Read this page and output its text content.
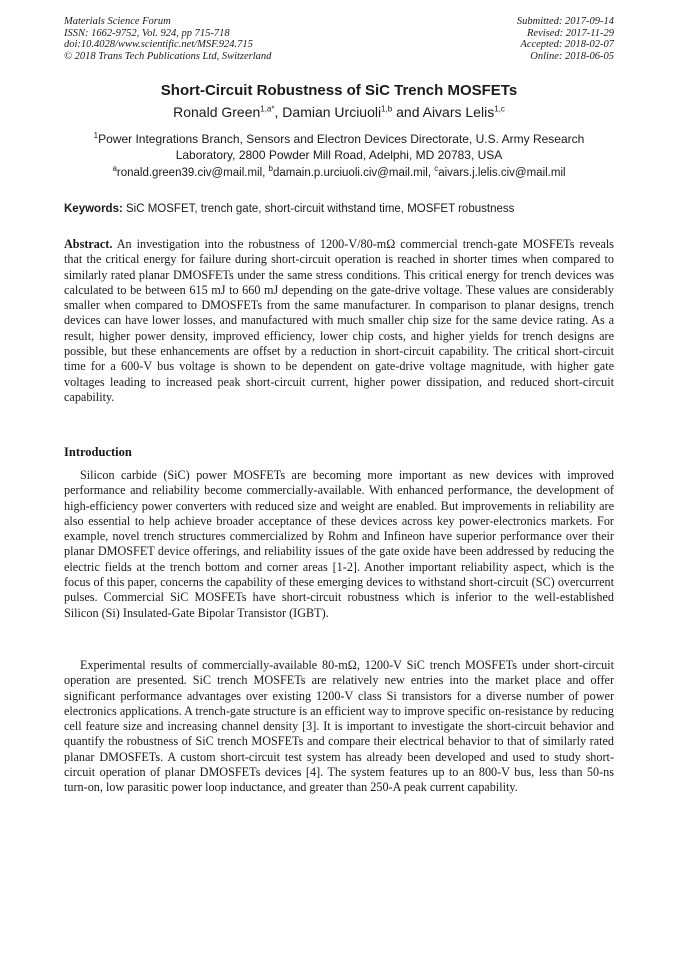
Materials Science Forum
ISSN: 1662-9752, Vol. 924, pp 715-718
doi:10.4028/www.scientific.net/MSF.924.715
© 2018 Trans Tech Publications Ltd, Switzerland
Submitted: 2017-09-14
Revised: 2017-11-29
Accepted: 2018-02-07
Online: 2018-06-05
Short-Circuit Robustness of SiC Trench MOSFETs
Ronald Green$^{1,a*}$, Damian Urciuoli$^{1,b}$ and Aivars Lelis$^{1,c}$
$^1$Power Integrations Branch, Sensors and Electron Devices Directorate, U.S. Army Research Laboratory, 2800 Powder Mill Road, Adelphi, MD 20783, USA
$^a$ronald.green39.civ@mail.mil, $^b$damain.p.urciuoli.civ@mail.mil, $^c$aivars.j.lelis.civ@mail.mil
Keywords: SiC MOSFET, trench gate, short-circuit withstand time, MOSFET robustness
Abstract. An investigation into the robustness of 1200-V/80-mΩ commercial trench-gate MOSFETs reveals that the critical energy for failure during short-circuit operation is reached in shorter times when compared to similarly rated planar DMOSFETs under the same stress conditions. This critical energy for trench devices was calculated to be between 615 mJ to 660 mJ depending on the gate-drive voltage. These values are considerably smaller when compared to DMOSFETs from the same manufacturer. In comparison to planar designs, trench devices can have lower losses, and manufactured with much smaller chip size for the same device rating. As a result, higher power density, improved efficiency, lower chip costs, and higher yields for trench designs are possible, but these enhancements are offset by a reduction in short-circuit capability. The critical short-circuit time for a 600-V bus voltage is shown to be dependent on gate-drive voltage magnitude, with higher gate voltages leading to increased peak short-circuit current, higher power dissipation, and reduced short-circuit capability.
Introduction
Silicon carbide (SiC) power MOSFETs are becoming more important as new devices with improved performance and reliability become commercially-available. With enhanced performance, the development of high-efficiency power converters with reduced size and weight are enabled. But improvements in reliability are also essential to help achieve broader acceptance of these devices across key power-electronics markets. For example, novel trench structures commercialized by Rohm and Infineon have superior performance over their planar DMOSFET device offerings, and reliability issues of the gate oxide have been addressed by reducing the electric fields at the trench bottom and corner areas [1-2]. Another important reliability aspect, which is the focus of this paper, concerns the capability of these emerging devices to withstand short-circuit (SC) overcurrent pulses. Commercial SiC MOSFETs have short-circuit robustness which is inferior to the well-established Silicon (Si) Insulated-Gate Bipolar Transistor (IGBT).
Experimental results of commercially-available 80-mΩ, 1200-V SiC trench MOSFETs under short-circuit operation are presented. SiC trench MOSFETs are relatively new entries into the market place and offer significant performance advantages over existing 1200-V class Si transistors for a diverse number of power electronics applications. A trench-gate structure is an efficient way to improve specific on-resistance by reducing cell feature size and increasing channel density [3]. It is important to investigate the short-circuit behavior and quantify the robustness of SiC trench MOSFETs and compare their electrical behavior to that of similarly rated planar DMOSFETs. A custom short-circuit test system has already been developed and used to study short-circuit operation of planar DMOSFETs devices [4]. The system features up to an 800-V bus, less than 50-ns turn-on, low parasitic power loop inductance, and greater than 250-A peak current capability.
